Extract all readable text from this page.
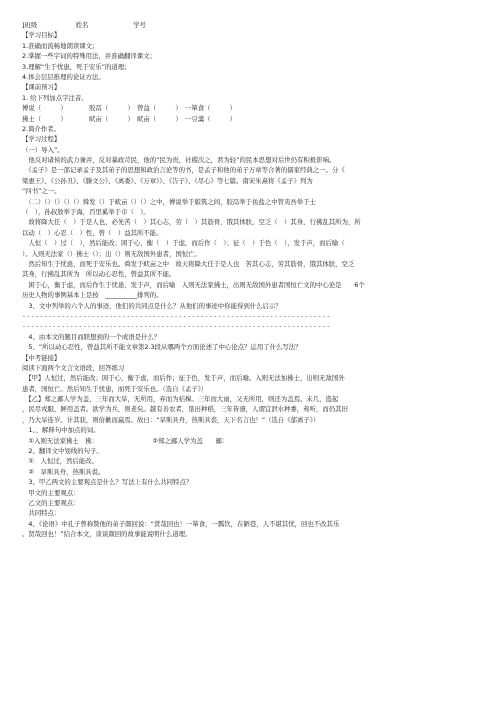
]班级　　　　　　姓名　　　　　　　学号
【学习目标】
1.准确而流畅地朗读课文；
2.掌握一些字词的特殊用法，并准确翻译课文；
3.理解“生于忧患，死于安乐”的道理；
4.体会层层推理的论证方法。
【课前预习】
1. 给下列加点字注音。
傅说（　　　）　　　　胶鬲（　　　）　曾益（　　　）　一箪食（　　　）
拂士（　　　）　　　　畎亩（　　　）　畎亩（　　　）　一豆羹（　　　）
2.简介作者。
【学习过程】
（一）导入”。
　他反对诸侯的武力兼并，反对暴政苛民，他的“民为贵，社稷次之，君为轻”的民本思想对后世仍有积极影响。
　《孟子》是一部记录孟子及其弟子的思想和政治言论等的书，是孟子和他的弟子万章等合著的儒家经典之一。分《
梁惠王》、《公孙丑》、《滕文公》、《离娄》、《万章》》、《告子》、《尽心》等七篇。南宋朱熹将《孟子》列为
“四书”之一。
　（二）（）（）（）（）舜发（）于畎亩（）（）之中，傅说举于版筑之间，胶鬲举于鱼盐之中管夷吾举于士
（　），孙叔敖举于海，百里奚举于市（　）。
　故将降大任（　）于是人也，必先苦（　）其心志，劳（　）其筋骨，饿其体肤，空乏（　）其身，行拂乱其所为，所
以动（　）心忍（　）性，曾（　）益其所不能。
　人恒（　）过（　），然后能改；困于心，衡（　）于虑，而后作（　）；征（　）于色（　），发于声，而后喻（
）。入则无法家（）拂士（）；出（）则无敌国外患者，国恒亡。
　然后知生于忧患，而死于安乐也。舜发于畎亩之中　故天将降大任于是人也　苦其心志，劳其筋骨，饿其体肤，空乏
其身，行拂乱其所为　所以动心忍性，曾益其所不能。
　困于心，衡于虑，而后作生于忧患，发于声，而后喻　入则无法家拂士，出则无敌国外患者国恒亡文的中心论是　　6个
历史人物的事例基本上是按　__________排列的。
　3、文中列举的六个人的事迹，他们的共同点是什么？从他们的事迹中你能得到什么启示？
-----------------------------------------------------------------------
-----------------------------------------------------------------------
　4、由本文的题目而联想到的一个成语是什么？
　5、“所以动心忍性，曾益其所不能文章第2.3段从哪两个方面论述了中心论点？运用了什么写法？
【中考链接】
阅读下面两个文言文语段，回答练习
　【甲】人恒过，然后能改；困于心，衡于虑，而后作；征于色，发于声，而后喻。入则无法加拂士，出则无敌国外
患者，国恒亡。然后知生于忧患，而死于安乐也。（选自《孟子》）
　【乙】郑之鄙人学为盖，三年而大旱，无所用，弃而为桔槔。三年而大雨，又无所用，则还为盖焉。未几，盗起
，民尽戎服，鲜用盖者。欲学为兵，则老矣。越有善农者，垦田种稻，三年皆潦，人谓宜泄水种黍，弗听，而仍其旧
，乃大旱连岁。计其获，则倍歉而赢焉。故曰：“旱斯具舟，热斯具裘，天下名言也！”（选自《郁离子》）
　1、、解释句中加点的词。
　①入则无法家拂士　拂：　　　　　　　　　②郑之鄙人学为盖　　鄙：
　2、翻译文中划线的句子。
　①　人恒过，然后能改。
　②　旱斯具舟，热斯具裘。
　3、甲乙两文的主要观点是什么？写法上有什么共同特点？
　甲文的主要观点：
　乙文的主要观点：
　共同特点：
　4、《论语》中孔子曾称赞他的弟子颜回说：“贤哉回也！一箪食，一瓢饮，在陋巷，人不堪其忧，回也不改其乐
。贤哉回也！”结合本文，谈谈颜回的故事能说明什么道理。
